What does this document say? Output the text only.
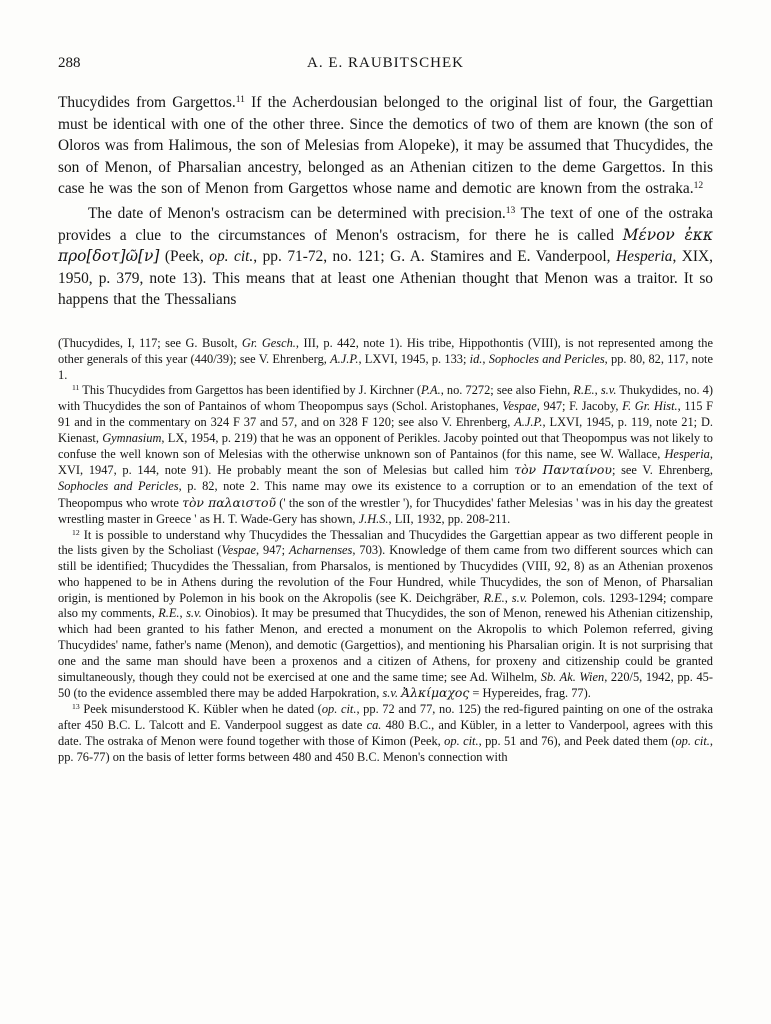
288	A. E. RAUBITSCHEK

Thucydides from Gargettos.$^{11}$ If the Acherdousian belonged to the original list of four, the Gargettian must be identical with one of the other three. Since the demotics of two of them are known (the son of Oloros was from Halimous, the son of Melesias from Alopeke), it may be assumed that Thucydides, the son of Menon, of Pharsalian ancestry, belonged as an Athenian citizen to the deme Gargettos. In this case he was the son of Menon from Gargettos whose name and demotic are known from the ostraka.$^{12}$

The date of Menon's ostracism can be determined with precision.$^{13}$ The text of one of the ostraka provides a clue to the circumstances of Menon's ostracism, for there he is called Μένον ἐκκ προ[δοτ]ῶ[ν] (Peek, op. cit., pp. 71-72, no. 121; G. A. Stamires and E. Vanderpool, Hesperia, XIX, 1950, p. 379, note 13). This means that at least one Athenian thought that Menon was a traitor. It so happens that the Thessalians

(Thucydides, I, 117; see G. Busolt, Gr. Gesch., III, p. 442, note 1). His tribe, Hippothontis (VIII), is not represented among the other generals of this year (440/39); see V. Ehrenberg, A.J.P., LXVI, 1945, p. 133; id., Sophocles and Pericles, pp. 80, 82, 117, note 1.

$^{11}$ This Thucydides from Gargettos has been identified by J. Kirchner (P.A., no. 7272; see also Fiehn, R.E., s.v. Thukydides, no. 4) with Thucydides the son of Pantainos of whom Theopompus says (Schol. Aristophanes, Vespae, 947; F. Jacoby, F. Gr. Hist., 115 F 91 and in the commentary on 324 F 37 and 57, and on 328 F 120; see also V. Ehrenberg, A.J.P., LXVI, 1945, p. 119, note 21; D. Kienast, Gymnasium, LX, 1954, p. 219) that he was an opponent of Perikles. Jacoby pointed out that Theopompus was not likely to confuse the well known son of Melesias with the otherwise unknown son of Pantainos (for this name, see W. Wallace, Hesperia, XVI, 1947, p. 144, note 91). He probably meant the son of Melesias but called him τὸν Πανταίνου; see V. Ehrenberg, Sophocles and Pericles, p. 82, note 2. This name may owe its existence to a corruption or to an emendation of the text of Theopompus who wrote τὸν παλαιστοῦ (' the son of the wrestler '), for Thucydides' father Melesias ' was in his day the greatest wrestling master in Greece ' as H. T. Wade-Gery has shown, J.H.S., LII, 1932, pp. 208-211.

$^{12}$ It is possible to understand why Thucydides the Thessalian and Thucydides the Gargettian appear as two different people in the lists given by the Scholiast (Vespae, 947; Acharnenses, 703). Knowledge of them came from two different sources which can still be identified; Thucydides the Thessalian, from Pharsalos, is mentioned by Thucydides (VIII, 92, 8) as an Athenian proxenos who happened to be in Athens during the revolution of the Four Hundred, while Thucydides, the son of Menon, of Pharsalian origin, is mentioned by Polemon in his book on the Akropolis (see K. Deichgräber, R.E., s.v. Polemon, cols. 1293-1294; compare also my comments, R.E., s.v. Oinobios). It may be presumed that Thucydides, the son of Menon, renewed his Athenian citizenship, which had been granted to his father Menon, and erected a monument on the Akropolis to which Polemon referred, giving Thucydides' name, father's name (Menon), and demotic (Gargettios), and mentioning his Pharsalian origin. It is not surprising that one and the same man should have been a proxenos and a citizen of Athens, for proxeny and citizenship could be granted simultaneously, though they could not be exercised at one and the same time; see Ad. Wilhelm, Sb. Ak. Wien, 220/5, 1942, pp. 45-50 (to the evidence assembled there may be added Harpokration, s.v. Ἀλκίμαχος = Hypereides, frag. 77).

$^{13}$ Peek misunderstood K. Kübler when he dated (op. cit., pp. 72 and 77, no. 125) the red-figured painting on one of the ostraka after 450 B.C. L. Talcott and E. Vanderpool suggest as date ca. 480 B.C., and Kübler, in a letter to Vanderpool, agrees with this date. The ostraka of Menon were found together with those of Kimon (Peek, op. cit., pp. 51 and 76), and Peek dated them (op. cit., pp. 76-77) on the basis of letter forms between 480 and 450 B.C. Menon's connection with
